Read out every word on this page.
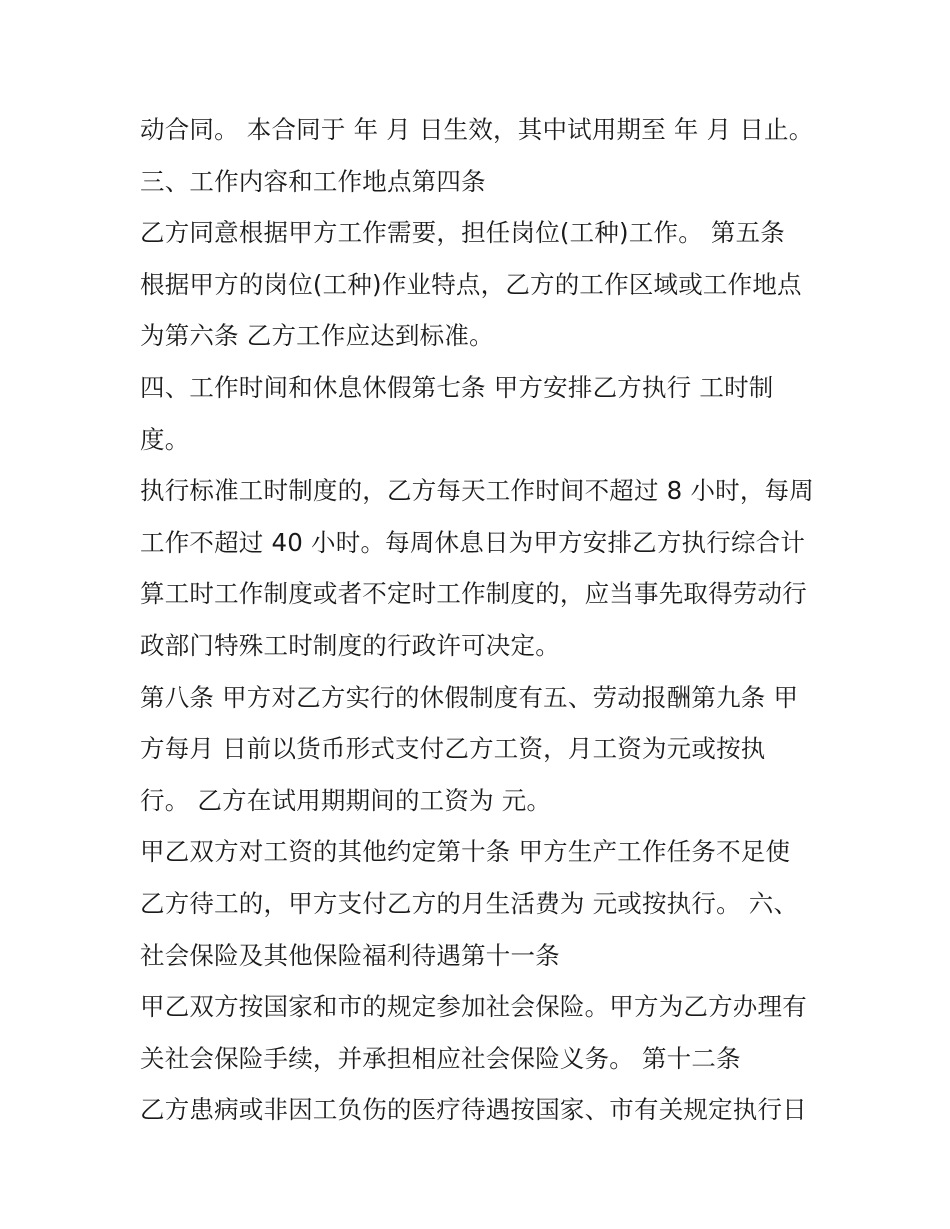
动合同。 本合同于 年 月 日生效，其中试用期至 年 月 日止。
三、工作内容和工作地点第四条
乙方同意根据甲方工作需要，担任岗位(工种)工作。 第五条
根据甲方的岗位(工种)作业特点，乙方的工作区域或工作地点
为第六条 乙方工作应达到标准。
四、工作时间和休息休假第七条 甲方安排乙方执行 工时制
度。
执行标准工时制度的，乙方每天工作时间不超过 8 小时，每周
工作不超过 40 小时。每周休息日为甲方安排乙方执行综合计
算工时工作制度或者不定时工作制度的，应当事先取得劳动行
政部门特殊工时制度的行政许可决定。
第八条 甲方对乙方实行的休假制度有五、劳动报酬第九条 甲
方每月 日前以货币形式支付乙方工资，月工资为元或按执
行。 乙方在试用期期间的工资为 元。
甲乙双方对工资的其他约定第十条 甲方生产工作任务不足使
乙方待工的，甲方支付乙方的月生活费为 元或按执行。 六、
社会保险及其他保险福利待遇第十一条
甲乙双方按国家和市的规定参加社会保险。甲方为乙方办理有
关社会保险手续，并承担相应社会保险义务。 第十二条
乙方患病或非因工负伤的医疗待遇按国家、市有关规定执行日
